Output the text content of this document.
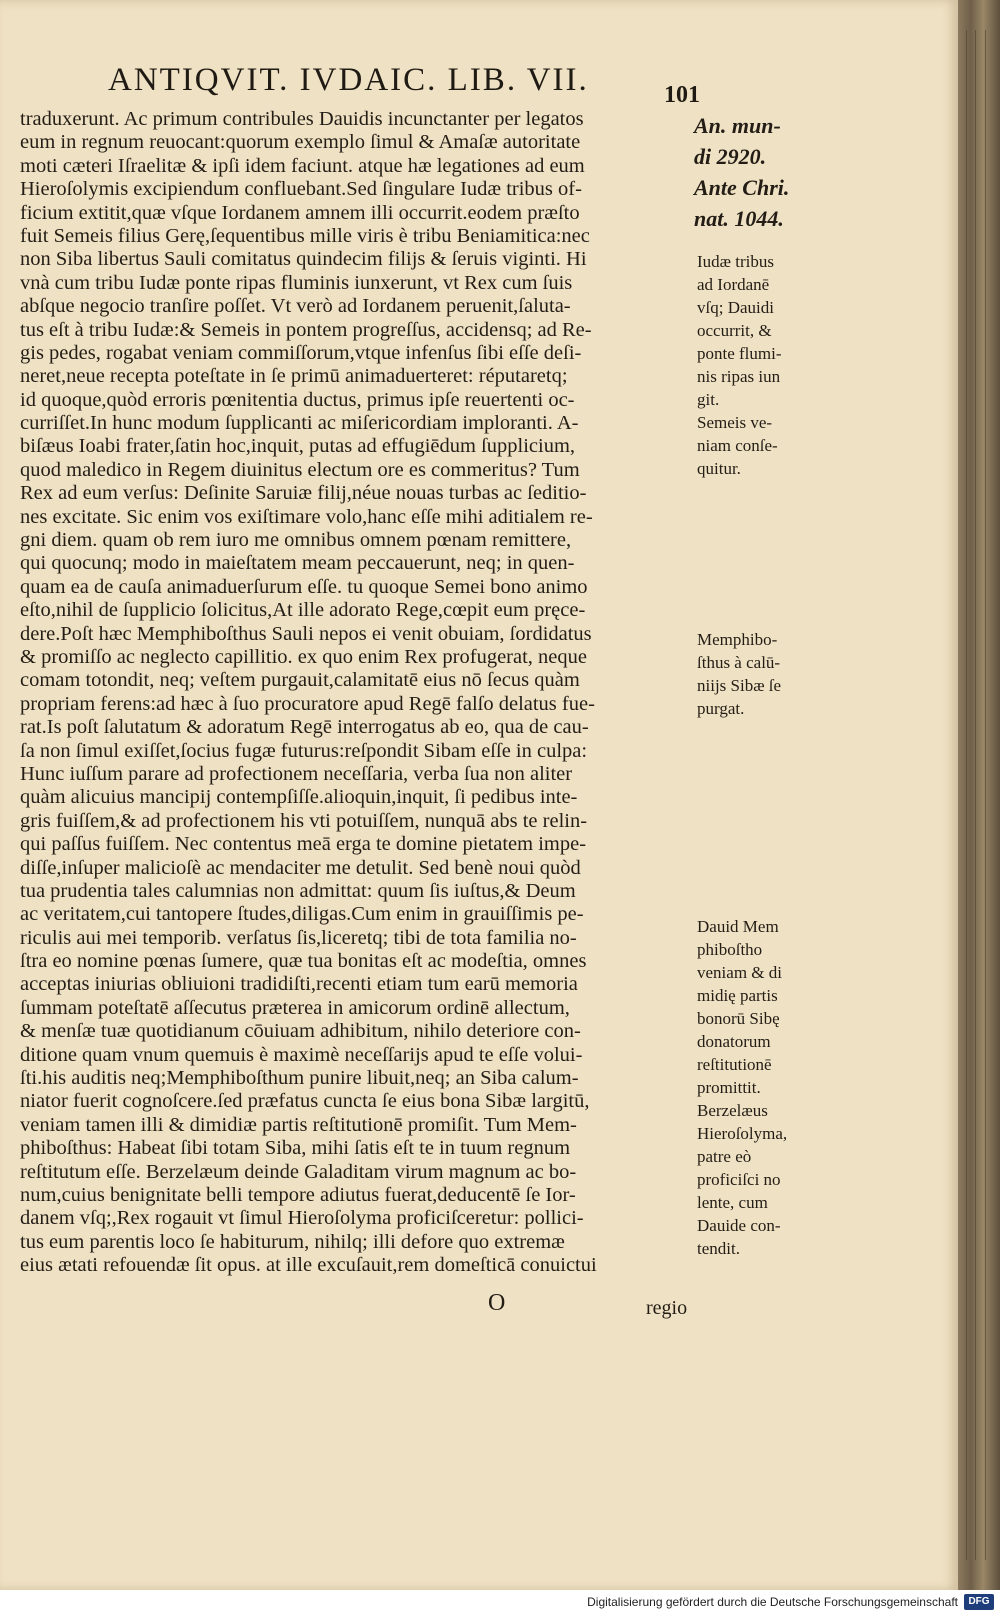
ANTIQVIT. IVDAIC. LIB. VII.	101
traduxerunt. Ac primum contribules Dauidis incunctanter per legatos
eum in regnum reuocant:quorum exemplo ſimul & Amaſæ autoritate
moti cæteri Iſraelitæ & ipſi idem faciunt. atque hæ legationes ad eum
Hieroſolymis excipiendum confluebant.Sed ſingulare Iudæ tribus of-
ficium extitit,quæ vſque Iordanem amnem illi occurrit.eodem præſto
fuit Semeis filius Gerę,ſequentibus mille viris è tribu Beniamitica:nec
non Siba libertus Sauli comitatus quindecim filijs & ſeruis viginti. Hi
vnà cum tribu Iudæ ponte ripas fluminis iunxerunt, vt Rex cum ſuis
abſque negocio tranſire poſſet. Vt verò ad Iordanem peruenit,ſaluta-
tus eſt à tribu Iudæ:& Semeis in pontem progreſſus, accidensq; ad Re-
gis pedes, rogabat veniam commiſſorum,vtque infenſus ſibi eſſe deſi-
neret,neue recepta poteſtate in ſe primū animaduerteret: réputaretq;
id quoque,quòd erroris pœnitentia ductus, primus ipſe reuertenti oc-
curriſſet.In hunc modum ſupplicanti ac miſericordiam imploranti. A-
biſæus Ioabi frater,ſatin hoc,inquit, putas ad effugiēdum ſupplicium,
quod maledico in Regem diuinitus electum ore es commeritus? Tum
Rex ad eum verſus: Deſinite Saruiæ filij,néue nouas turbas ac ſeditio-
nes excitate. Sic enim vos exiſtimare volo,hanc eſſe mihi aditialem re-
gni diem. quam ob rem iuro me omnibus omnem pœnam remittere,
qui quocunq; modo in maieſtatem meam peccauerunt, neq; in quen-
quam ea de cauſa animaduerſurum eſſe. tu quoque Semei bono animo
eſto,nihil de ſupplicio ſolicitus,At ille adorato Rege,cœpit eum pręce-
dere.Poſt hæc Memphiboſthus Sauli nepos ei venit obuiam, ſordidatus
& promiſſo ac neglecto capillitio. ex quo enim Rex profugerat, neque
comam totondit, neq; veſtem purgauit,calamitatē eius nō ſecus quàm
propriam ferens:ad hæc à ſuo procuratore apud Regē falſo delatus fue-
rat.Is poſt ſalutatum & adoratum Regē interrogatus ab eo, qua de cau-
ſa non ſimul exiſſet,ſocius fugæ futurus:reſpondit Sibam eſſe in culpa:
Hunc iuſſum parare ad profectionem neceſſaria, verba ſua non aliter
quàm alicuius mancipij contempſiſſe.alioquin,inquit, ſi pedibus inte-
gris fuiſſem,& ad profectionem his vti potuiſſem, nunquā abs te relin-
qui paſſus fuiſſem. Nec contentus meā erga te domine pietatem impe-
diſſe,inſuper malicioſè ac mendaciter me detulit. Sed benè noui quòd
tua prudentia tales calumnias non admittat: quum ſis iuſtus,& Deum
ac veritatem,cui tantopere ſtudes,diligas.Cum enim in grauiſſimis pe-
riculis aui mei temporib. verſatus ſis,liceretq; tibi de tota familia no-
ſtra eo nomine pœnas ſumere, quæ tua bonitas eſt ac modeſtia, omnes
acceptas iniurias obliuioni tradidiſti,recenti etiam tum earū memoria
ſummam poteſtatē aſſecutus præterea in amicorum ordinē allectum,
& menſæ tuæ quotidianum cōuiuam adhibitum, nihilo deteriore con-
ditione quam vnum quemuis è maximè neceſſarijs apud te eſſe volui-
ſti.his auditis neq;Memphiboſthum punire libuit,neq; an Siba calum-
niator fuerit cognoſcere.ſed præfatus cuncta ſe eius bona Sibæ largitū,
veniam tamen illi & dimidiæ partis reſtitutionē promiſit. Tum Mem-
phiboſthus: Habeat ſibi totam Siba, mihi ſatis eſt te in tuum regnum
reſtitutum eſſe. Berzelæum deinde Galaditam virum magnum ac bo-
num,cuius benignitate belli tempore adiutus fuerat,deducentē ſe Ior-
danem vſq;,Rex rogauit vt ſimul Hieroſolyma proficiſceretur: pollici-
tus eum parentis loco ſe habiturum, nihilq; illi defore quo extremæ
eius ætati refouendæ ſit opus. at ille excuſauit,rem domeſticā conuictui
An. mun-
di 2920.
Ante Chri.
nat. 1044.
Iudæ tribus
ad Iordanē
vſq; Dauidi
occurrit, &
ponte flumi-
nis ripas iun
git.
Semeis ve-
niam conſe-
quitur.
Memphibo-
ſthus à calū-
niijs Sibæ ſe
purgat.
Dauid Mem
phiboſtho
veniam & di
midię partis
bonorū Sibę
donatorum
reſtitutionē
promittit.
Berzelæus
Hieroſolyma,
patre eò
proficiſci no
lente, cum
Dauide con-
tendit.
O	regio
Digitalisierung gefördert durch die Deutsche Forschungsgemeinschaft	DFG
